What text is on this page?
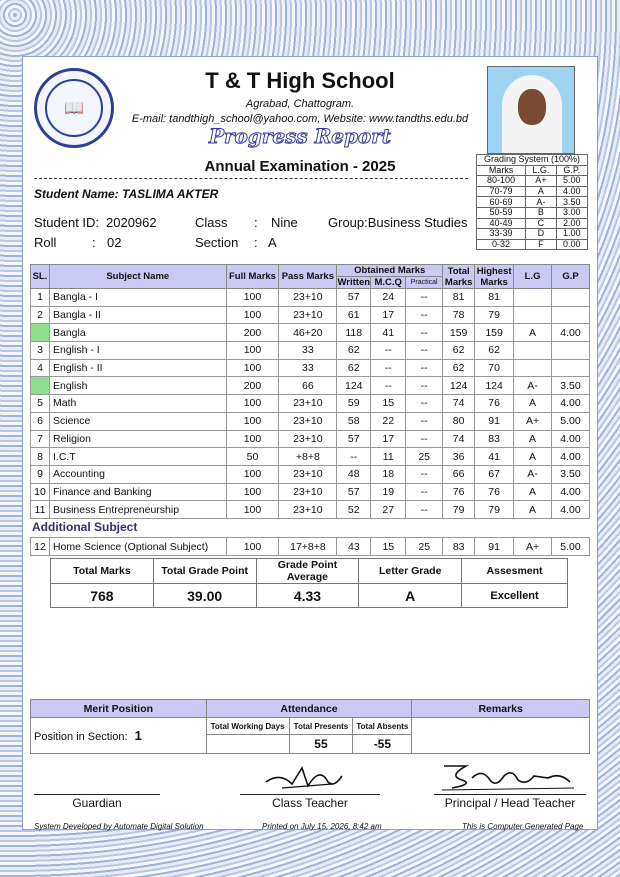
📖
T & T High School
Agrabad, Chattogram.
E-mail: tandthigh_school@yahoo.com, Website: www.tandths.edu.bd
Progress Report
Annual Examination - 2025	Grading System (100%)		
Marks	L.G.	G.P.
80-100	A+	5.00
70-79	A	4.00
60-69	A-	3.50
50-59	B	3.00
40-49	C	2.00
33-39	D	1.00
0-32	F	0.00
Student Name: TASLIMA AKTER
Student ID: 2020962	Class : Nine Group:Business Studies
Roll	: 02	Section : A
SL.	Subject Name	Full Marks	Pass Marks	Obtained Marks			Total Marks	Highest Marks	L.G	G.P
				Written	M.C.Q	Practical				
1	Bangla - I	100	23+10	57	24	--	81	81		
2	Bangla - II	100	23+10	61	17	--	78	79		
	Bangla	200	46+20	118	41	--	159	159	A	4.00
3	English - I	100	33	62	--	--	62	62		
4	English - II	100	33	62	--	--	62	70		
	English	200	66	124	--	--	124	124	A-	3.50
5	Math	100	23+10	59	15	--	74	76	A	4.00
6	Science	100	23+10	58	22	--	80	91	A+	5.00
7	Religion	100	23+10	57	17	--	74	83	A	4.00
8	I.C.T	50	+8+8	--	11	25	36	41	A	4.00
9	Accounting	100	23+10	48	18	--	66	67	A-	3.50
10	Finance and Banking	100	23+10	57	19	--	76	76	A	4.00
11	Business Entrepreneurship	100	23+10	52	27	--	79	79	A	4.00
Additional Subject
12	Home Science (Optional Subject)	100	17+8+8	43	15	25	83	91	A+	5.00
Total Marks	Total Grade Point	Grade Point Average	Letter Grade	Assesment
768	39.00	4.33	A	Excellent
Merit Position	Attendance			Remarks
Position in Section: 1	Total Working Days	Total Presents	Total Absents	
		55	-55	
Guardian	Class Teacher	Principal / Head Teacher
System Developed by Automate Digital Solution	Printed on July 15, 2026, 8:42 am	This is Computer Generated Page
